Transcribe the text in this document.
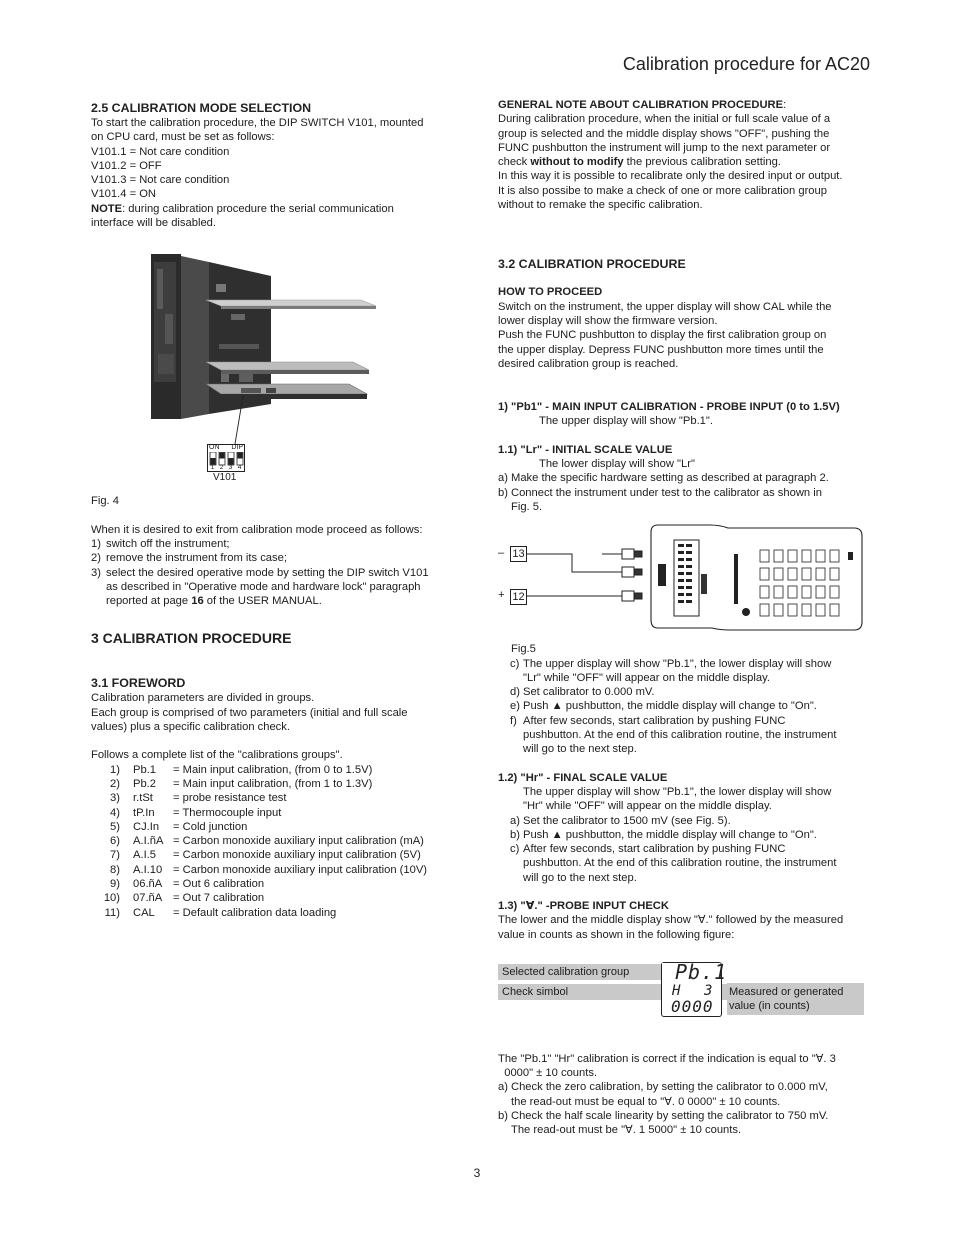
Calibration procedure for AC20
2.5 CALIBRATION MODE SELECTION
To start the calibration procedure, the DIP SWITCH V101, mounted
on CPU card, must be set as follows:
V101.1 = Not care condition
V101.2 = OFF
V101.3 = Not care condition
V101.4 = ON
NOTE: during calibration procedure the serial communication
interface will be disabled.
ON DIP
1 2 3 4
V101
Fig. 4

When it is desired to exit from calibration mode proceed as follows:

1) switch off the instrument;
2) remove the instrument from its case;
3) select the desired operative mode by setting the DIP switch V101
as described in "Operative mode and hardware lock" paragraph
reported at page 16 of the USER MANUAL.
3 CALIBRATION PROCEDURE
3.1 FOREWORD
Calibration parameters are divided in groups.
Each group is comprised of two parameters (initial and full scale
values) plus a specific calibration check.

Follows a complete list of the "calibrations groups".

1)	Pb.1	= Main input calibration, (from 0 to 1.5V)
2)	Pb.2	= Main input calibration, (from 1 to 1.3V)
3)	r.tSt	= probe resistance test
4)	tP.In	= Thermocouple input
5)	CJ.In	= Cold junction
6)	A.I.ñA = Carbon monoxide auxiliary input calibration (mA)
7)	A.I.5	= Carbon monoxide auxiliary input calibration (5V)
8)	A.I.10 = Carbon monoxide auxiliary input calibration (10V)
9)	06.ñA = Out 6 calibration
10)	07.ñA = Out 7 calibration
11)	CAL	= Default calibration data loading
GENERAL NOTE ABOUT CALIBRATION PROCEDURE:
During calibration procedure, when the initial or full scale value of a
group is selected and the middle display shows "OFF", pushing the
FUNC pushbutton the instrument will jump to the next parameter or
check without to modify the previous calibration setting.
In this way it is possible to recalibrate only the desired input or output.
It is also possibe to make a check of one or more calibration group
without to remake the specific calibration.
3.2 CALIBRATION PROCEDURE
HOW TO PROCEED
Switch on the instrument, the upper display will show CAL while the
lower display will show the firmware version.
Push the FUNC pushbutton to display the first calibration group on
the upper display. Depress FUNC pushbutton more times until the
desired calibration group is reached.
1) "Pb1" - MAIN INPUT CALIBRATION - PROBE INPUT (0 to 1.5V)

The upper display will show "Pb.1".

1.1) "Lr" - INITIAL SCALE VALUE

The lower display will show "Lr"

a) Make the specific hardware setting as described at paragraph 2.
b) Connect the instrument under test to the calibrator as shown in
Fig. 5.
– 13
+ 12

Fig.5

c) The upper display will show "Pb.1", the lower display will show
"Lr" while "OFF" will appear on the middle display.
d) Set calibrator to 0.000 mV.
e) Push ▲ pushbutton, the middle display will change to "On".
f) After few seconds, start calibration by pushing FUNC
pushbutton. At the end of this calibration routine, the instrument
will go to the next step.
1.2) "Hr" - FINAL SCALE VALUE
The upper display will show "Pb.1", the lower display will show
"Hr" while "OFF" will appear on the middle display.
a) Set the calibrator to 1500 mV (see Fig. 5).
b) Push ▲ pushbutton, the middle display will change to "On".
c) After few seconds, start calibration by pushing FUNC
pushbutton. At the end of this calibration routine, the instrument
will go to the next step.
1.3) "∀." -PROBE INPUT CHECK
The lower and the middle display show "∀." followed by the measured
value in counts as shown in the following figure:
Selected calibration group
Check simbol	Measured or generated
value (in counts)
Pb.1
H 3
0000
The "Pb.1" "Hr" calibration is correct if the indication is equal to "∀. 3
0000" ± 10 counts.
a) Check the zero calibration, by setting the calibrator to 0.000 mV,
the read-out must be equal to "∀. 0 0000" ± 10 counts.
b) Check the half scale linearity by setting the calibrator to 750 mV.
The read-out must be "∀. 1 5000" ± 10 counts.
3
